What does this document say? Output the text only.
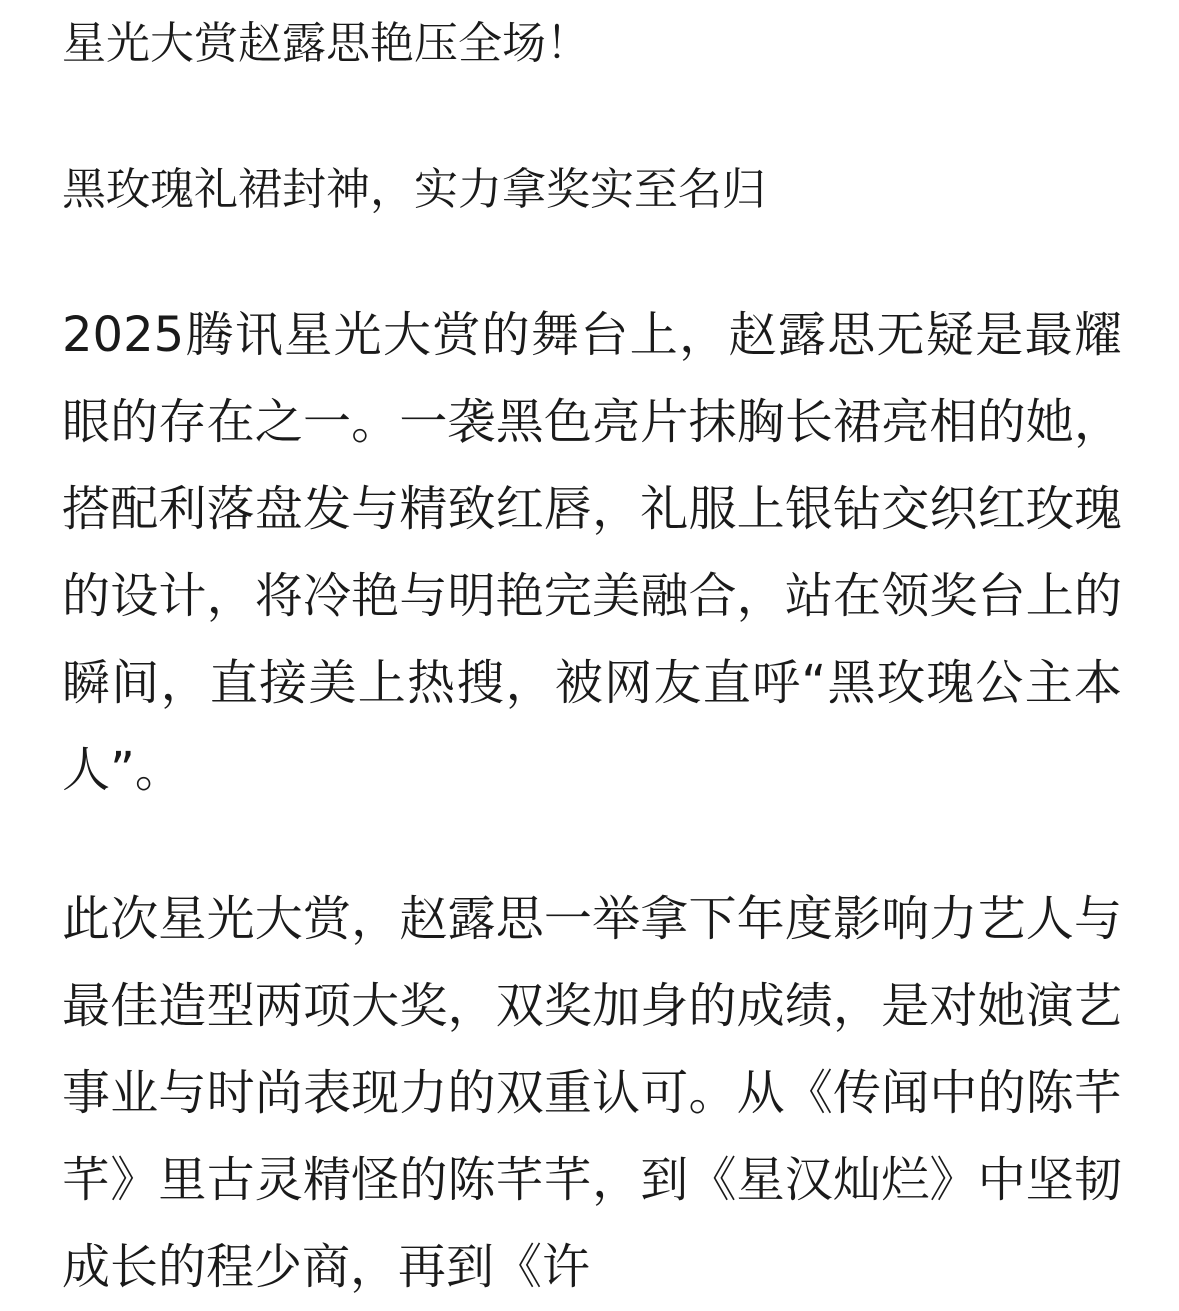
星光大赏赵露思艳压全场！
黑玫瑰礼裙封神，实力拿奖实至名归

2025腾讯星光大赏的舞台上，赵露思无疑是最耀眼的存在之一。一袭黑色亮片抹胸长裙亮相的她，搭配利落盘发与精致红唇，礼服上银钻交织红玫瑰的设计，将冷艳与明艳完美融合，站在领奖台上的瞬间，直接美上热搜，被网友直呼“黑玫瑰公主本人”。

此次星光大赏，赵露思一举拿下年度影响力艺人与最佳造型两项大奖，双奖加身的成绩，是对她演艺事业与时尚表现力的双重认可。从《传闻中的陈芊芊》里古灵精怪的陈芊芊，到《星汉灿烂》中坚韧成长的程少商，再到《许
